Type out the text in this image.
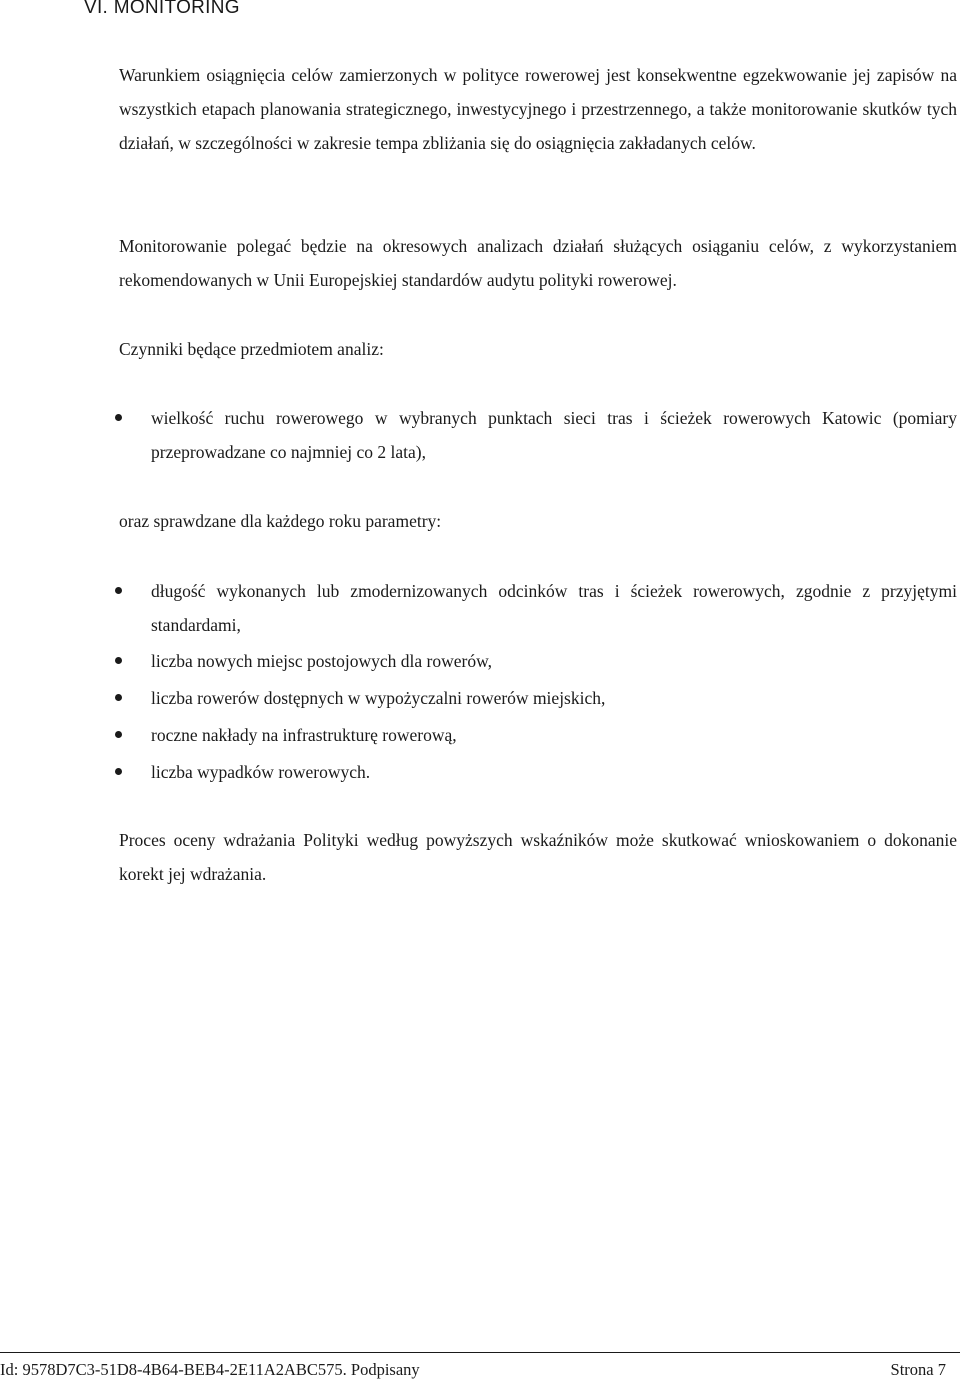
VI. MONITORING

Warunkiem osiągnięcia celów zamierzonych w polityce rowerowej jest konsekwentne egzekwowanie jej zapisów na wszystkich etapach planowania strategicznego, inwestycyjnego i przestrzennego, a także monitorowanie skutków tych działań, w szczególności w zakresie tempa zbliżania się do osiągnięcia zakładanych celów.

Monitorowanie polegać będzie na okresowych analizach działań służących osiąganiu celów, z wykorzystaniem rekomendowanych w Unii Europejskiej standardów audytu polityki rowerowej.

Czynniki będące przedmiotem analiz:

wielkość ruchu rowerowego w wybranych punktach sieci tras i ścieżek rowerowych Katowic (pomiary przeprowadzane co najmniej co 2 lata),

oraz sprawdzane dla każdego roku parametry:

długość wykonanych lub zmodernizowanych odcinków tras i ścieżek rowerowych, zgodnie z przyjętymi standardami,
liczba nowych miejsc postojowych dla rowerów,
liczba rowerów dostępnych w wypożyczalni rowerów miejskich,
roczne nakłady na infrastrukturę rowerową,
liczba wypadków rowerowych.

Proces oceny wdrażania Polityki według powyższych wskaźników może skutkować wnioskowaniem o dokonanie korekt jej wdrażania.

Id: 9578D7C3-51D8-4B64-BEB4-2E11A2ABC575. Podpisany	Strona 7
